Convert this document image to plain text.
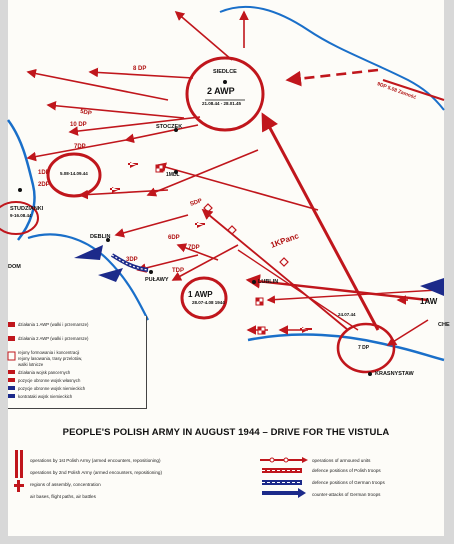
SIEDLCE
STOCZEK
DEBLIN
PUŁAWY	LUBLIN
KRASNYSTAW
STUDZIANKI
9-16.08.44
DOM
CHE
2 AWP
21.08.44 - 28.01.45
1 AWP
28.07-4.08 1944	1AW
5.08-14.09.44	1MDL
1KPanc
7 DP
8 DP
5DP
7DP
10 DP
1DP
2DP
3DP
SDP
TDP
6DP
24.07.44
9DP 5.08 Zamość
7DP
działania 1 AWP (walki i przemarsze)
działania 2 AWP (walki i przemarsze)
rejony formowania i koncentracji
rejony lasowania, trasy przelotów,
walki lotnicze
działania wojsk pancernych
pozycje obronne wojsk własnych
pozycje obronne wojsk niemieckich
kontrataki wojsk niemieckich
PEOPLE'S POLISH ARMY IN AUGUST 1944 – DRIVE FOR THE VISTULA
operations by 1st Polish Army (armed encounters, repositioning)
operations by 2nd Polish Army (armed encounters, repositioning)
regions of assembly, concentration
air bases, flight paths, air battles
operations of armoured units
defence positions of Polish troops
defence positions of German troops
counter-attacks of German troops
